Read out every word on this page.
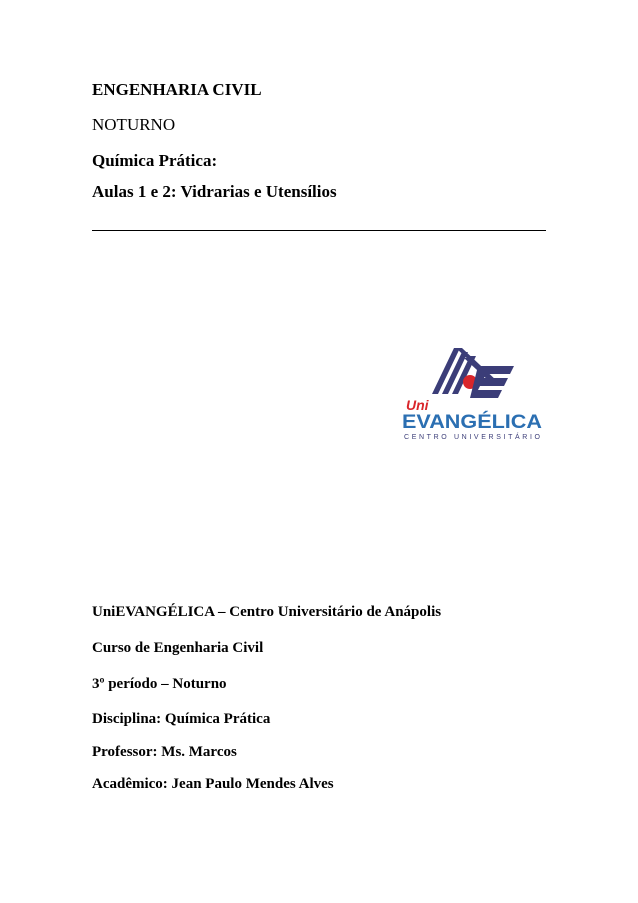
ENGENHARIA CIVIL
NOTURNO
Química Prática:
Aulas 1 e 2: Vidrarias e Utensílios
Uni
EVANGÉLICA
CENTRO UNIVERSITÁRIO
UniEVANGÉLICA – Centro Universitário de Anápolis
Curso de Engenharia Civil
3º período – Noturno
Disciplina: Química Prática
Professor: Ms. Marcos
Acadêmico: Jean Paulo Mendes Alves
